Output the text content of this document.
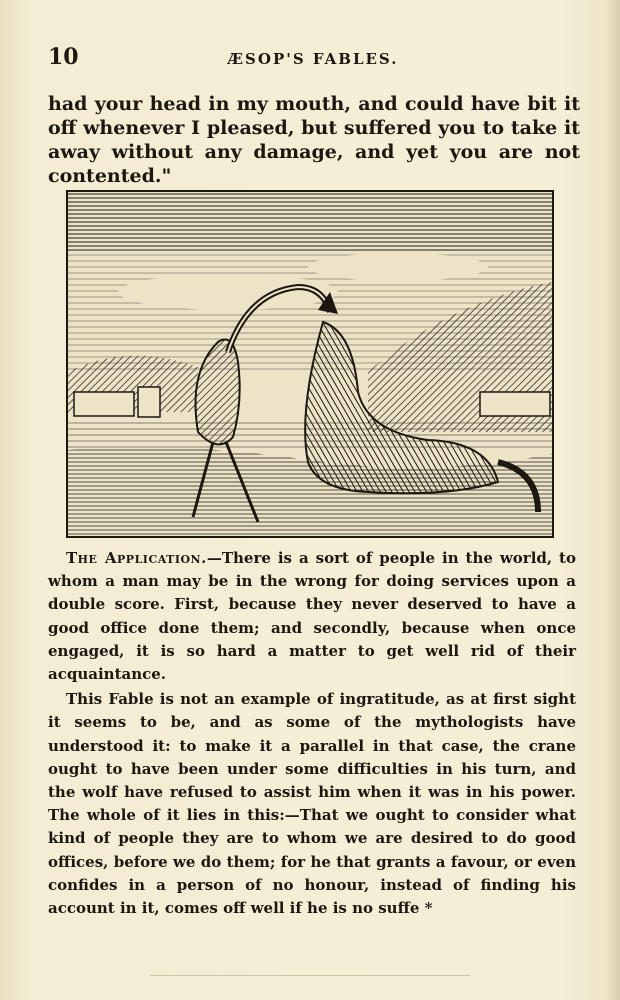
10	ÆSOP'S FABLES.

had your head in my mouth, and could have bit it off whenever I pleased, but suffered you to take it away without any damage, and yet you are not contented."

The Application.—There is a sort of people in the world, to whom a man may be in the wrong for doing services upon a double score. First, because they never deserved to have a good office done them; and secondly, because when once engaged, it is so hard a matter to get well rid of their acquaintance.

This Fable is not an example of ingratitude, as at first sight it seems to be, and as some of the mythologists have understood it: to make it a parallel in that case, the crane ought to have been under some difficulties in his turn, and the wolf have refused to assist him when it was in his power. The whole of it lies in this:—That we ought to consider what kind of people they are to whom we are desired to do good offices, before we do them; for he that grants a favour, or even confides in a person of no honour, instead of finding his account in it, comes off well if he is no suffe *
